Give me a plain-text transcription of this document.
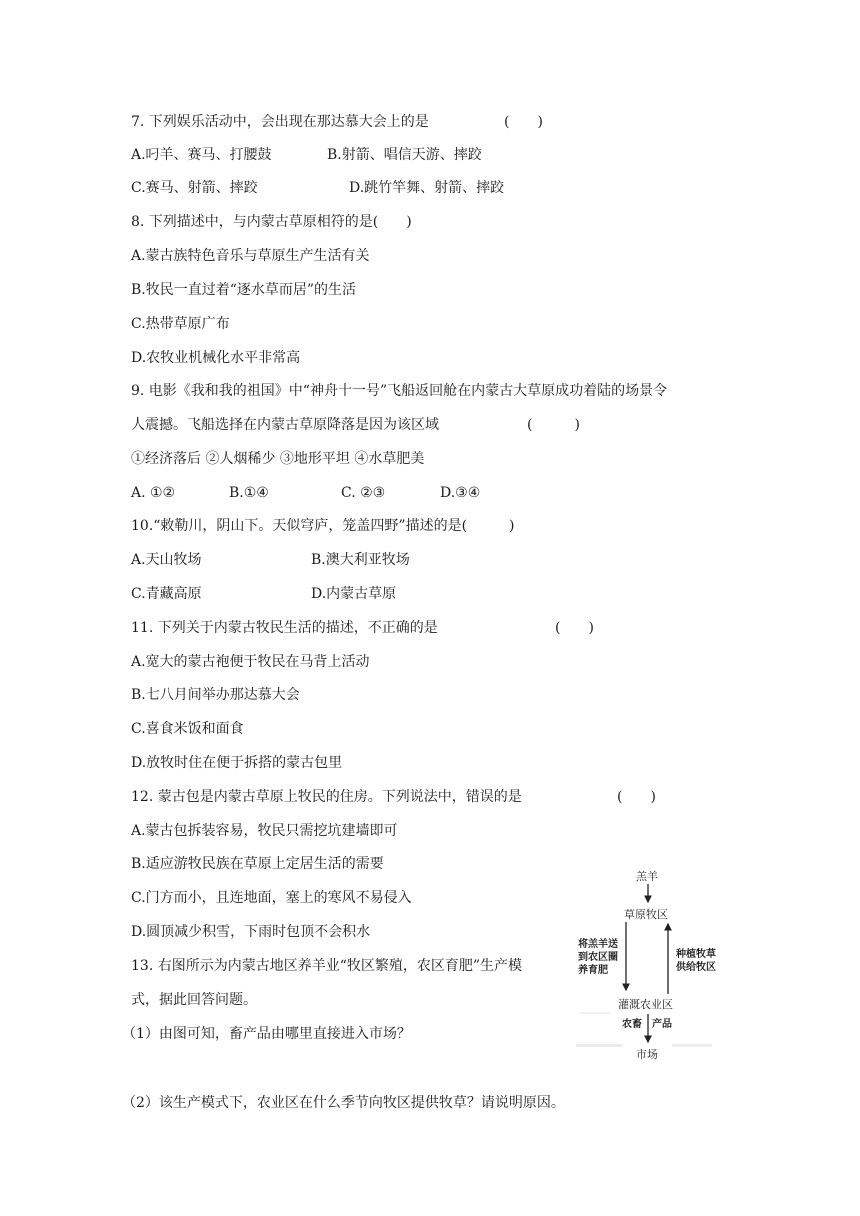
7. 下列娱乐活动中，会出现在那达慕大会上的是	(　　)
A.叼羊、赛马、打腰鼓	B.射箭、唱信天游、摔跤
C.赛马、射箭、摔跤	D.跳竹竿舞、射箭、摔跤
8. 下列描述中，与内蒙古草原相符的是(　　)
A.蒙古族特色音乐与草原生产生活有关
B.牧民一直过着“逐水草而居”的生活
C.热带草原广布
D.农牧业机械化水平非常高
9. 电影《我和我的祖国》中“神舟十一号”飞船返回舱在内蒙古大草原成功着陆的场景令
人震撼。飞船选择在内蒙古草原降落是因为该区域	(　　　)
①经济落后 ②人烟稀少 ③地形平坦 ④水草肥美
A. ①②	B.①④	C. ②③	D.③④
10.“敕勒川，阴山下。天似穹庐，笼盖四野”描述的是(　　　)
A.天山牧场	B.澳大利亚牧场
C.青藏高原	D.内蒙古草原
11. 下列关于内蒙古牧民生活的描述，不正确的是	(　　)
A.宽大的蒙古袍便于牧民在马背上活动
B.七八月间举办那达慕大会
C.喜食米饭和面食
D.放牧时住在便于拆搭的蒙古包里
12. 蒙古包是内蒙古草原上牧民的住房。下列说法中，错误的是	(　　)
A.蒙古包拆装容易，牧民只需挖坑建墙即可
B.适应游牧民族在草原上定居生活的需要
C.门方而小，且连地面，塞上的寒风不易侵入
D.圆顶减少积雪，下雨时包顶不会积水
13. 右图所示为内蒙古地区养羊业“牧区繁殖，农区育肥”生产模
式，据此回答问题。
（1）由图可知，畜产品由哪里直接进入市场？
（2）该生产模式下，农业区在什么季节向牧区提供牧草？请说明原因。
羔羊
草原牧区
灌溉农业区
市场
将羔羊送
到农区圈
养育肥
种植牧草
供给牧区
农畜 产品
